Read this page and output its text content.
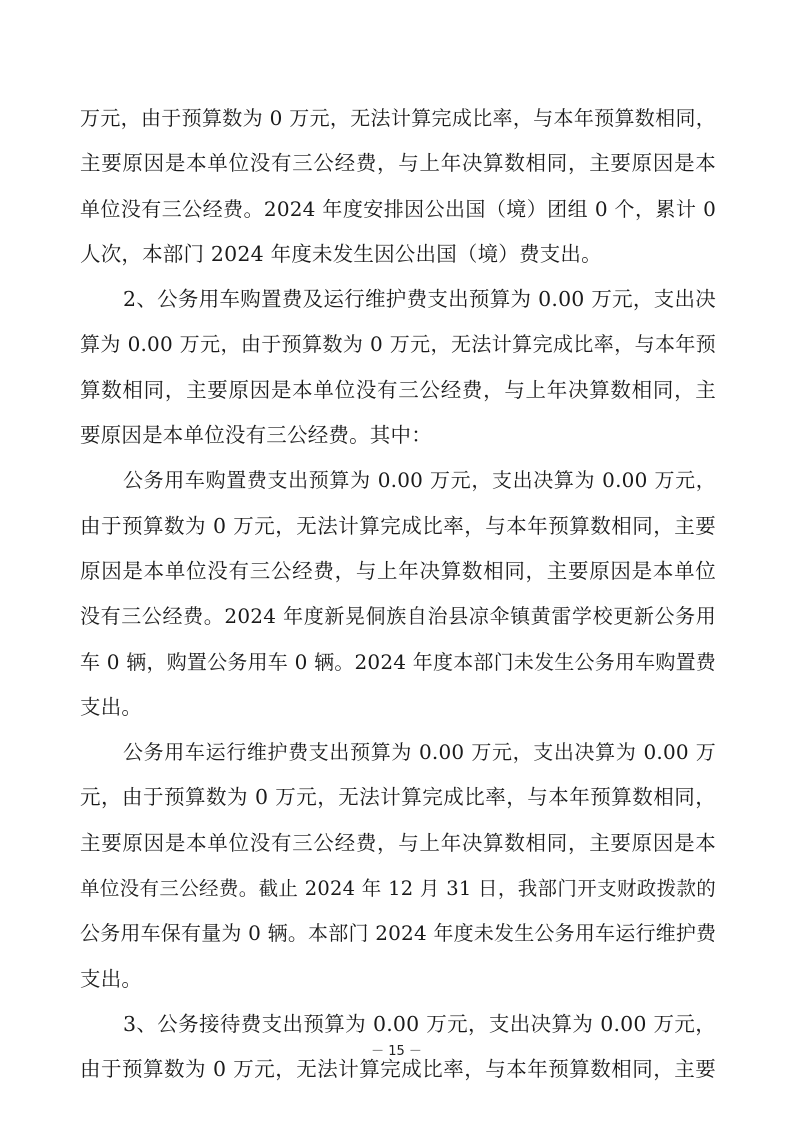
万元，由于预算数为 0 万元，无法计算完成比率，与本年预算数相同，
主要原因是本单位没有三公经费，与上年决算数相同，主要原因是本
单位没有三公经费。2024 年度安排因公出国（境）团组 0 个，累计 0
人次，本部门 2024 年度未发生因公出国（境）费支出。
2、公务用车购置费及运行维护费支出预算为 0.00 万元，支出决
算为 0.00 万元，由于预算数为 0 万元，无法计算完成比率，与本年预
算数相同，主要原因是本单位没有三公经费，与上年决算数相同，主
要原因是本单位没有三公经费。其中：
公务用车购置费支出预算为 0.00 万元，支出决算为 0.00 万元，
由于预算数为 0 万元，无法计算完成比率，与本年预算数相同，主要
原因是本单位没有三公经费，与上年决算数相同，主要原因是本单位
没有三公经费。2024 年度新晃侗族自治县凉伞镇黄雷学校更新公务用
车 0 辆，购置公务用车 0 辆。2024 年度本部门未发生公务用车购置费
支出。
公务用车运行维护费支出预算为 0.00 万元，支出决算为 0.00 万
元，由于预算数为 0 万元，无法计算完成比率，与本年预算数相同，
主要原因是本单位没有三公经费，与上年决算数相同，主要原因是本
单位没有三公经费。截止 2024 年 12 月 31 日，我部门开支财政拨款的
公务用车保有量为 0 辆。本部门 2024 年度未发生公务用车运行维护费
支出。
3、公务接待费支出预算为 0.00 万元，支出决算为 0.00 万元，
由于预算数为 0 万元，无法计算完成比率，与本年预算数相同，主要
－ 15 －
